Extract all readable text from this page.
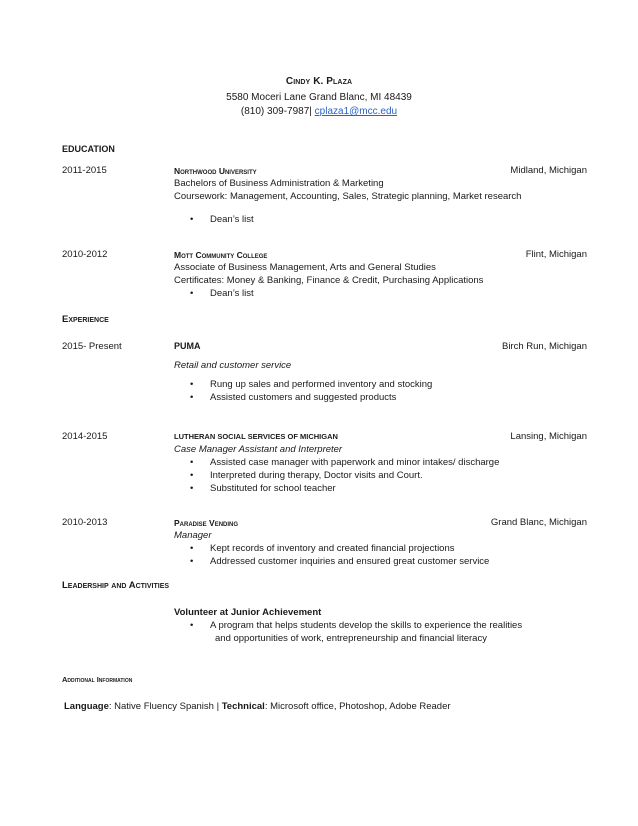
Cindy K. Plaza
5580 Moceri Lane Grand Blanc, MI 48439
(810) 309-7987| cplaza1@mcc.edu
EDUCATION
2011-2015	Northwood University	Midland, Michigan
Bachelors of Business Administration & Marketing
Coursework: Management, Accounting, Sales, Strategic planning, Market research
• Dean’s list
2010-2012	Mott Community College	Flint, Michigan
Associate of Business Management, Arts and General Studies
Certificates: Money & Banking, Finance & Credit, Purchasing Applications
• Dean’s list
Experience
2015- Present	PUMA	Birch Run, Michigan
Retail and customer service
• Rung up sales and performed inventory and stocking
• Assisted customers and suggested products
2014-2015	LUTHERAN SOCIAL SERVICES OF MICHIGAN	Lansing, Michigan
Case Manager Assistant and Interpreter
• Assisted case manager with paperwork and minor intakes/ discharge
• Interpreted during therapy, Doctor visits and Court.
• Substituted for school teacher
2010-2013	Paradise Vending	Grand Blanc, Michigan
Manager
• Kept records of inventory and created financial projections
• Addressed customer inquiries and ensured great customer service
Leadership and Activities
Volunteer at Junior Achievement
• A program that helps students develop the skills to experience the realities
and opportunities of work, entrepreneurship and financial literacy
Additional Information
Language: Native Fluency Spanish | Technical: Microsoft office, Photoshop, Adobe Reader
